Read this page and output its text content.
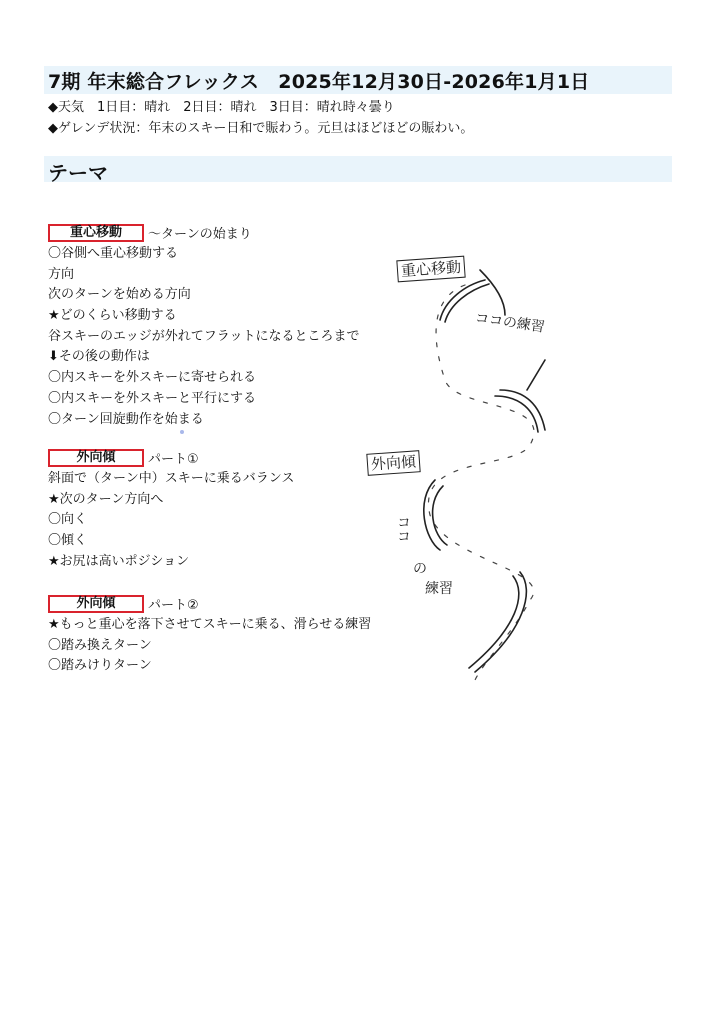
7期 年末総合フレックス　2025年12月30日-2026年1月1日
◆天気　1日目：晴れ　2日目：晴れ　3日目：晴れ時々曇り
◆ゲレンデ状況：年末のスキー日和で賑わう。元旦はほどほどの賑わい。
テーマ
重心移動 〜ターンの始まり
〇谷側へ重心移動する
方向
次のターンを始める方向
★どのくらい移動する
谷スキーのエッジが外れてフラットになるところまで
⬇その後の動作は
〇内スキーを外スキーに寄せられる
〇内スキーを外スキーと平行にする
〇ターン回旋動作を始まる
外向傾	パート①
斜面で（ターン中）スキーに乗るバランス
★次のターン方向へ
〇向く
〇傾く
★お尻は高いポジション
外向傾	パート②
★もっと重心を落下させてスキーに乗る、滑らせる練習
〇踏み換えターン
〇踏みけりターン
重心移動
ココの練習
外向傾
ココ
の
練習
